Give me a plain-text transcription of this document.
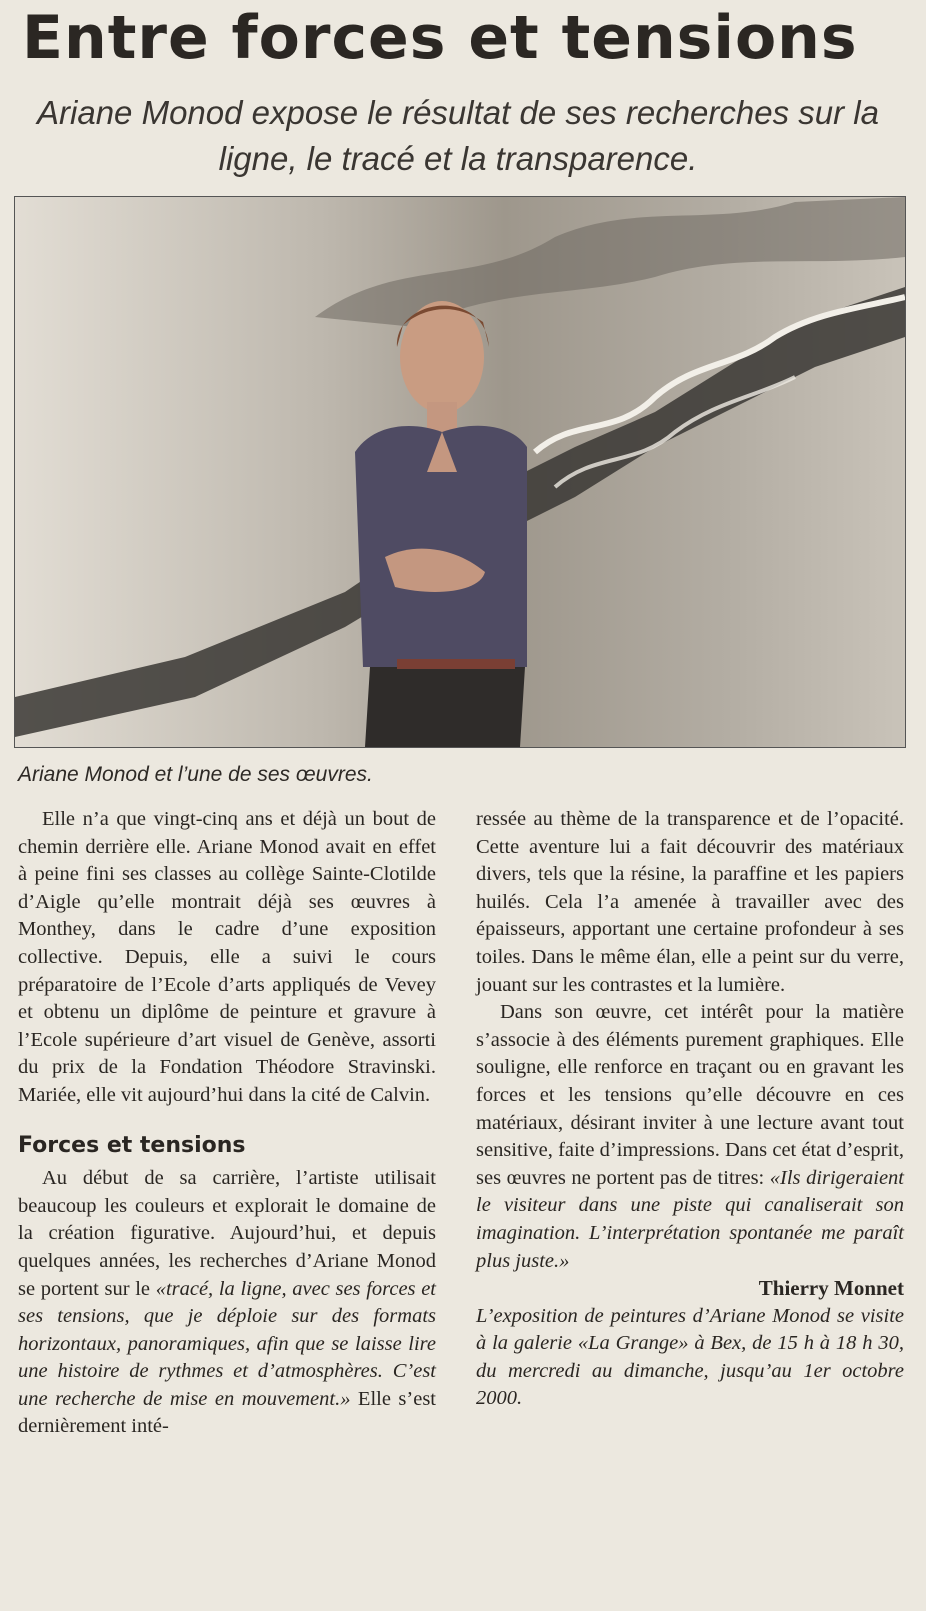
Entre forces et tensions
Ariane Monod expose le résultat de ses recherches sur la ligne, le tracé et la transparence.
Ariane Monod et l’une de ses œuvres.

Elle n’a que vingt-cinq ans et déjà un bout de chemin derrière elle. Ariane Monod avait en effet à peine fini ses classes au collège Sainte-Clotilde d’Aigle qu’elle montrait déjà ses œuvres à Monthey, dans le cadre d’une exposition collective. Depuis, elle a suivi le cours préparatoire de l’Ecole d’arts appliqués de Vevey et obtenu un diplôme de peinture et gravure à l’Ecole supérieure d’art visuel de Genève, assorti du prix de la Fondation Théodore Stravinski. Mariée, elle vit aujourd’hui dans la cité de Calvin.

Forces et tensions

Au début de sa carrière, l’artiste utilisait beaucoup les couleurs et explorait le domaine de la création figurative. Aujourd’hui, et depuis quelques années, les recherches d’Ariane Monod se portent sur le «tracé, la ligne, avec ses forces et ses tensions, que je déploie sur des formats horizontaux, panoramiques, afin que se laisse lire une histoire de rythmes et d’atmosphères. C’est une recherche de mise en mouvement.» Elle s’est dernièrement inté-

ressée au thème de la transparence et de l’opacité. Cette aventure lui a fait découvrir des matériaux divers, tels que la résine, la paraffine et les papiers huilés. Cela l’a amenée à travailler avec des épaisseurs, apportant une certaine profondeur à ses toiles. Dans le même élan, elle a peint sur du verre, jouant sur les contrastes et la lumière.

Dans son œuvre, cet intérêt pour la matière s’associe à des éléments purement graphiques. Elle souligne, elle renforce en traçant ou en gravant les forces et les tensions qu’elle découvre en ces matériaux, désirant inviter à une lecture avant tout sensitive, faite d’impressions. Dans cet état d’esprit, ses œuvres ne portent pas de titres: «Ils dirigeraient le visiteur dans une piste qui canaliserait son imagination. L’interprétation spontanée me paraît plus juste.»

Thierry Monnet

L’exposition de peintures d’Ariane Monod se visite à la galerie «La Grange» à Bex, de 15 h à 18 h 30, du mercredi au dimanche, jusqu’au 1er octobre 2000.
